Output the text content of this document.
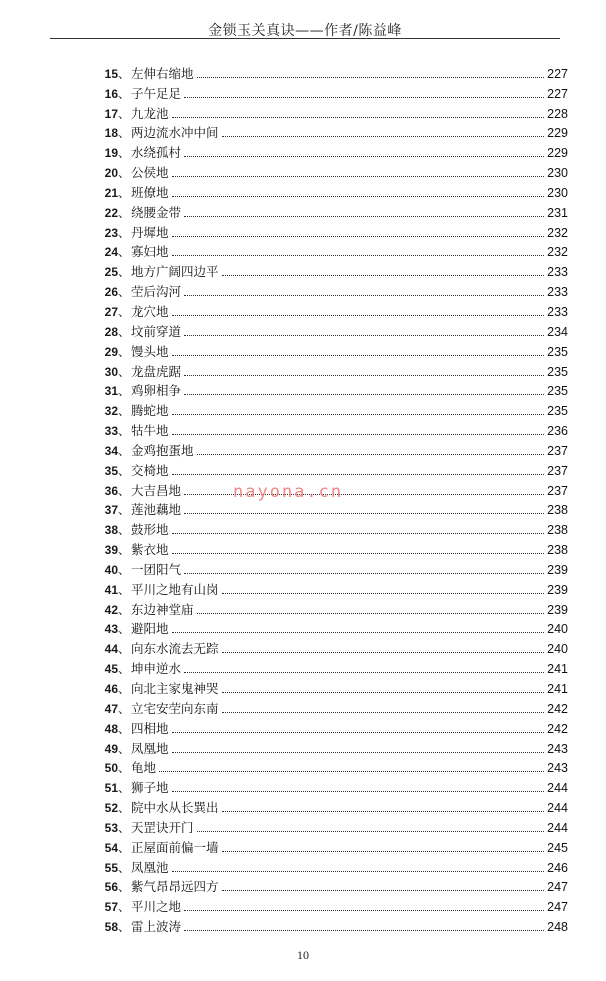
金锁玉关真诀——作者/陈益峰
15 、 左伸右缩地	227
16 、 子午足足	227
17 、 九龙池	228
18 、 两边流水冲中间	229
19 、 水绕孤村	229
20 、 公侯地	230
21 、 班僚地	230
22 、 绕腰金带	231
23 、 丹墀地	232
24 、 寡妇地	232
25 、 地方广阔四边平	233
26 、 茔后沟河	233
27 、 龙穴地	233
28 、 坟前穿道	234
29 、 馒头地	235
30 、 龙盘虎踞	235
31 、 鸡卵相争	235
32 、 腾蛇地	235
33 、 牯牛地	236
34 、 金鸡抱蛋地	237
35 、 交椅地	237
36 、 大吉昌地	237
37 、 莲池藕地	238
38 、 鼓形地	238
39 、 紫衣地	238
40 、 一团阳气	239
41 、 平川之地有山岗	239
42 、 东边神堂庙	239
43 、 避阳地	240
44 、 向东水流去无踪	240
45 、 坤申逆水	241
46 、 向北主家鬼神哭	241
47 、 立宅安茔向东南	242
48 、 四相地	242
49 、 凤凰地	243
50 、 龟地	243
51 、 狮子地	244
52 、 院中水从长巽出	244
53 、 天罡诀开门	244
54 、 正屋面前偏一墙	245
55 、 凤凰池	246
56 、 紫气昂昂远四方	247
57 、 平川之地	247
58 、 雷上波涛	248
nayona.cn
10
